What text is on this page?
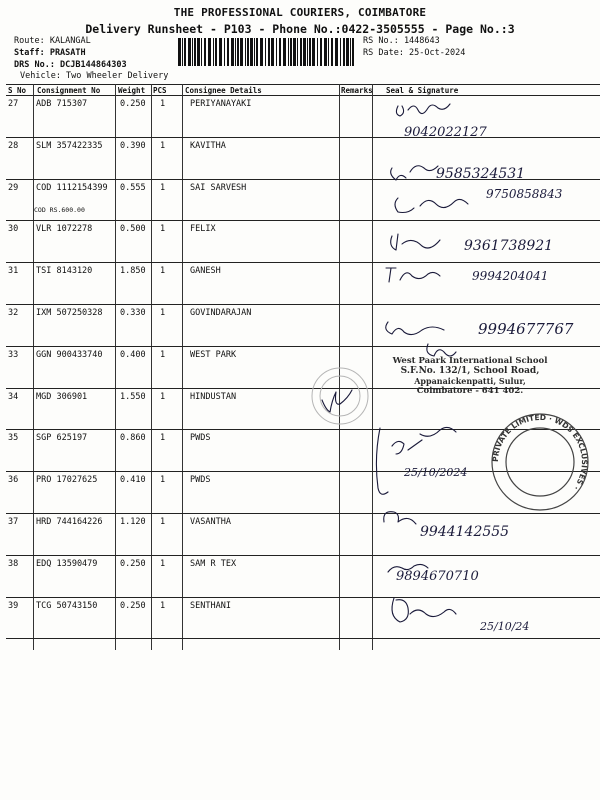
THE PROFESSIONAL COURIERS, COIMBATORE
Delivery Runsheet - P103 - Phone No.:0422-3505555 - Page No.:3
Route: KALANGAL
Staff: PRASATH
DRS No.: DCJB144864303
Vehicle: Two Wheeler Delivery
RS No.: 1448643
RS Date: 25-Oct-2024
S No Consignment No Weight PCS Consignee Details	Remarks Seal & Signature
27 ADB 715307	0.250 1	PERIYANAYAKI
28 SLM 357422335 0.390 1	KAVITHA
29 COD 1112154399 0.555 1	SAI SARVESH
COD RS.600.00
30 VLR 1072278	0.500 1	FELIX
31 TSI 8143120	1.850 1	GANESH
32 IXM 507250328 0.330 1	GOVINDARAJAN
33 GGN 900433740 0.400 1	WEST PARK
34 MGD 306901	1.550 1	HINDUSTAN
35 SGP 625197	0.860 1	PWDS
36 PRO 17027625	0.410 1	PWDS
37 HRD 744164226 1.120 1	VASANTHA
38 EDQ 13590479	0.250 1	SAM R TEX
39 TCG 50743150	0.250 1	SENTHANI
9042022127
9585324531
9750858843
9361738921
9994204041
9994677767
25/10/2024
9944142555
9894670710
25/10/24
West Paark International School
S.F.No. 132/1, School Road,
Appanaickenpatti, Sulur,
Coimbatore - 641 402.
PRIVATE LIMITED · WDS EXCLUSIVES ·
